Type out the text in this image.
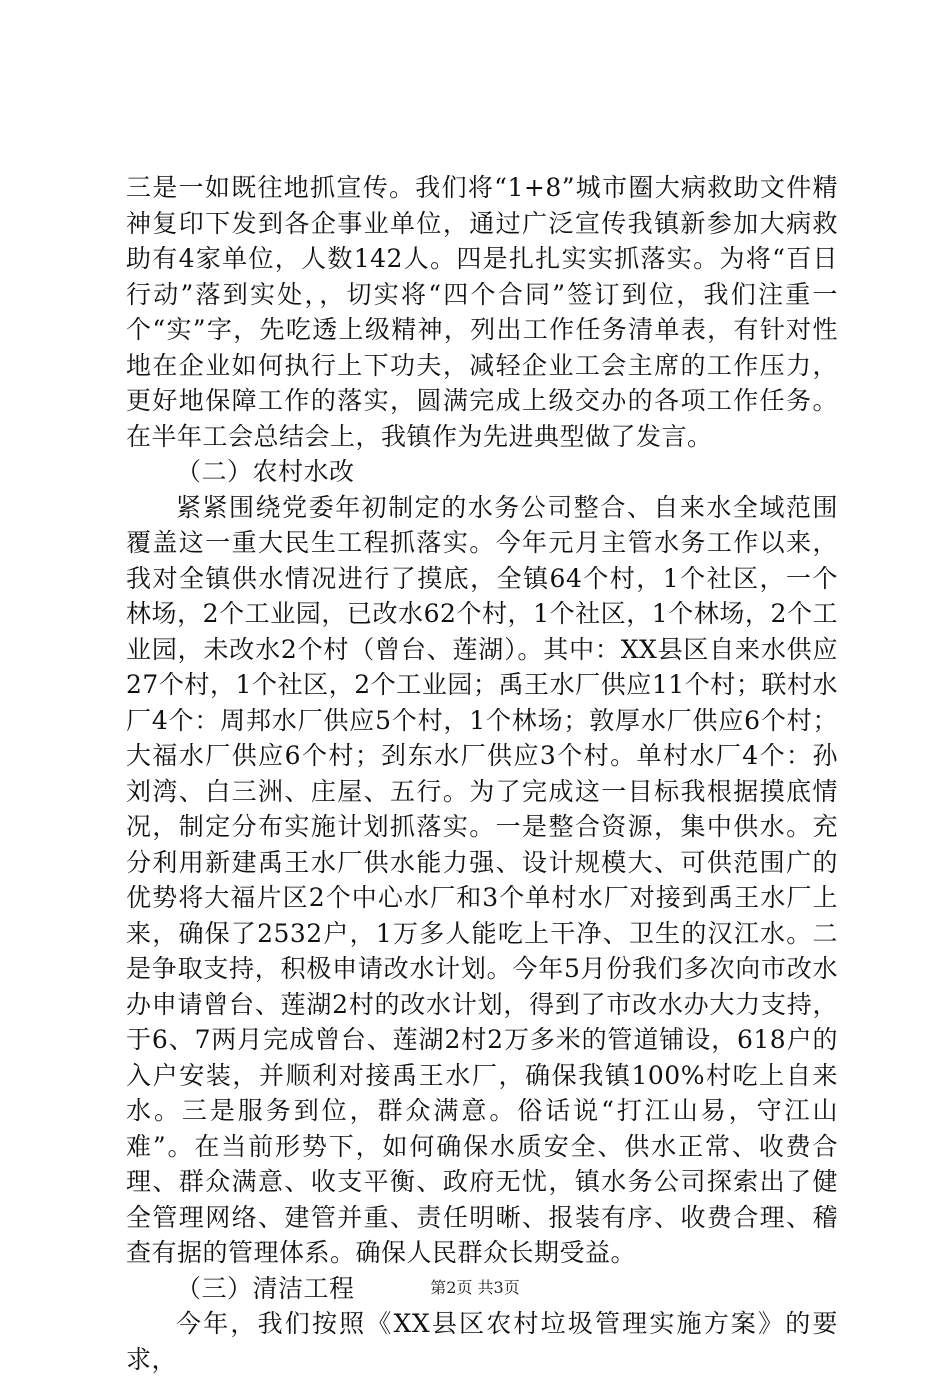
三是一如既往地抓宣传。我们将“1+8”城市圈大病救助文件精神复印下发到各企事业单位，通过广泛宣传我镇新参加大病救助有4家单位，人数142人。四是扎扎实实抓落实。为将“百日行动”落到实处，，切实将“四个合同”签订到位，我们注重一个“实”字，先吃透上级精神，列出工作任务清单表，有针对性地在企业如何执行上下功夫，减轻企业工会主席的工作压力，更好地保障工作的落实，圆满完成上级交办的各项工作任务。在半年工会总结会上，我镇作为先进典型做了发言。

（二）农村水改

紧紧围绕党委年初制定的水务公司整合、自来水全域范围覆盖这一重大民生工程抓落实。今年元月主管水务工作以来，我对全镇供水情况进行了摸底，全镇64个村，1个社区，一个林场，2个工业园，已改水62个村，1个社区，1个林场，2个工业园，未改水2个村（曾台、莲湖）。其中：XX县区自来水供应27个村，1个社区，2个工业园；禹王水厂供应11个村；联村水厂4个：周邦水厂供应5个村，1个林场；敦厚水厂供应6个村；大福水厂供应6个村；刭东水厂供应3个村。单村水厂4个：孙刘湾、白三洲、庄屋、五行。为了完成这一目标我根据摸底情况，制定分布实施计划抓落实。一是整合资源，集中供水。充分利用新建禹王水厂供水能力强、设计规模大、可供范围广的优势将大福片区2个中心水厂和3个单村水厂对接到禹王水厂上来，确保了2532户，1万多人能吃上干净、卫生的汉江水。二是争取支持，积极申请改水计划。今年5月份我们多次向市改水办申请曾台、莲湖2村的改水计划，得到了市改水办大力支持，于6、7两月完成曾台、莲湖2村2万多米的管道铺设，618户的入户安装，并顺利对接禹王水厂，确保我镇100%村吃上自来水。三是服务到位，群众满意。俗话说“打江山易，守江山难”。在当前形势下，如何确保水质安全、供水正常、收费合理、群众满意、收支平衡、政府无忧，镇水务公司探索出了健全管理网络、建管并重、责任明晰、报装有序、收费合理、稽查有据的管理体系。确保人民群众长期受益。

（三）清洁工程

今年，我们按照《XX县区农村垃圾管理实施方案》的要求，

第2页 共3页
